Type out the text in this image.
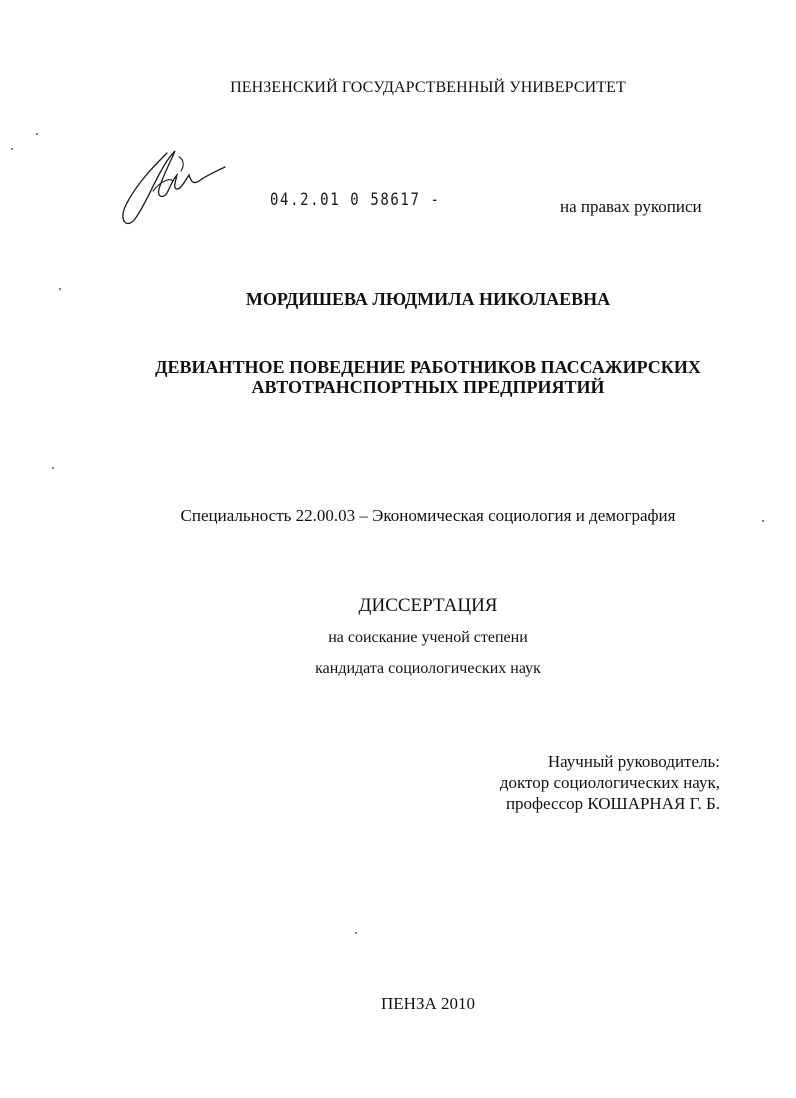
ПЕНЗЕНСКИЙ ГОСУДАРСТВЕННЫЙ УНИВЕРСИТЕТ
04.2.01 0 58617 -	на правах рукописи
МОРДИШЕВА ЛЮДМИЛА НИКОЛАЕВНА
ДЕВИАНТНОЕ ПОВЕДЕНИЕ РАБОТНИКОВ ПАССАЖИРСКИХ
АВТОТРАНСПОРТНЫХ ПРЕДПРИЯТИЙ
Специальность 22.00.03 – Экономическая социология и демография
ДИССЕРТАЦИЯ
на соискание ученой степени
кандидата социологических наук
Научный руководитель:
доктор социологических наук,
профессор КОШАРНАЯ Г. Б.
ПЕНЗА 2010
